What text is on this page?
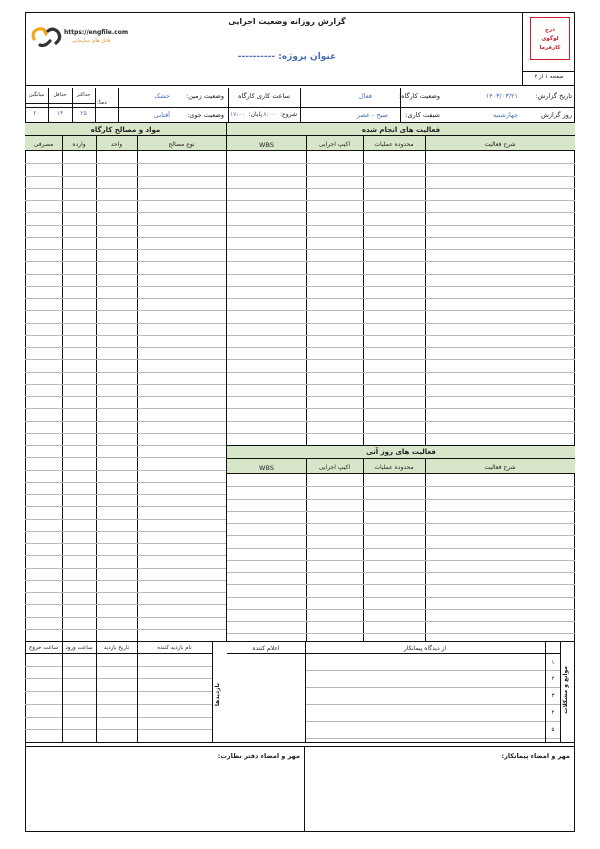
https://engfile.com
فایل های سازمانی
گزارش روزانه وضعیت اجرایی
عنوان پروژه: ----------
درج
لوگوی
کارفرما
صفحه ۱ از ۲
تاریخ گزارش:
۱۴۰۳/۰۳/۲۱
روز گزارش
چهارشنبه
وضعیت کارگاه:
فعال
شیفت کاری:
صبح - عصر
ساعت کاری کارگاه
شروع:
۸:۰۰
پایان:
۱۷:۰۰
وضعیت زمین:
خشک
وضعیت جوی:
آفتابی
دما:
حداکثر
حداقل
میانگین
۲۵
۱۴
۲۰
مواد و مصالح کارگاه
نوع مصالح
واحد
وارده
مصرفی
فعالیت های انجام شده
شرح فعالیت
محدوده عملیات
اکیپ اجرایی
WBS
فعالیت های روز آتی
شرح فعالیت
محدوده عملیات
اکیپ اجرایی
WBS
نام بازدید کننده
تاریخ بازدید
ساعت ورود
ساعت خروج
بازدیدها
از دیدگاه پیمانکار
اعلام کننده
موانع و مشکلات
۱
۲
۳
۴
۵
مهر و امضاء پیمانکار:
مهر و امضاء دفتر نظارت:
